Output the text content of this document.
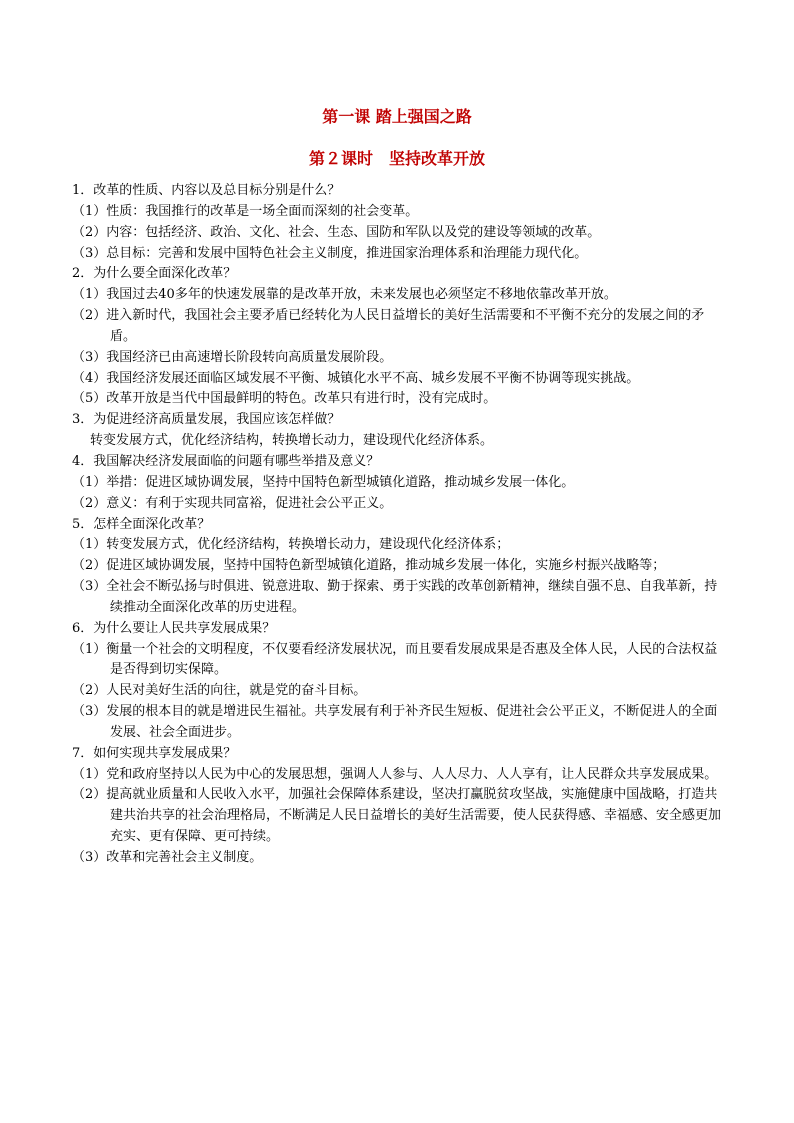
第一课 踏上强国之路
第２课时　坚持改革开放

1．改革的性质、内容以及总目标分别是什么？

（1）性质：我国推行的改革是一场全面而深刻的社会变革。

（2）内容：包括经济、政治、文化、社会、生态、国防和军队以及党的建设等领域的改革。

（3）总目标：完善和发展中国特色社会主义制度，推进国家治理体系和治理能力现代化。

2．为什么要全面深化改革？

（1）我国过去40多年的快速发展靠的是改革开放，未来发展也必须坚定不移地依靠改革开放。

（2）进入新时代，我国社会主要矛盾已经转化为人民日益增长的美好生活需要和不平衡不充分的发展之间的矛盾。

（3）我国经济已由高速增长阶段转向高质量发展阶段。

（4）我国经济发展还面临区域发展不平衡、城镇化水平不高、城乡发展不平衡不协调等现实挑战。

（5）改革开放是当代中国最鲜明的特色。改革只有进行时，没有完成时。

3．为促进经济高质量发展，我国应该怎样做？

转变发展方式，优化经济结构，转换增长动力，建设现代化经济体系。

4．我国解决经济发展面临的问题有哪些举措及意义？

（1）举措：促进区域协调发展，坚持中国特色新型城镇化道路，推动城乡发展一体化。

（2）意义：有利于实现共同富裕，促进社会公平正义。

5．怎样全面深化改革？

（1）转变发展方式，优化经济结构，转换增长动力，建设现代化经济体系；

（2）促进区域协调发展，坚持中国特色新型城镇化道路，推动城乡发展一体化，实施乡村振兴战略等；

（3）全社会不断弘扬与时俱进、锐意进取、勤于探索、勇于实践的改革创新精神，继续自强不息、自我革新，持续推动全面深化改革的历史进程。

6．为什么要让人民共享发展成果？

（1）衡量一个社会的文明程度，不仅要看经济发展状况，而且要看发展成果是否惠及全体人民，人民的合法权益是否得到切实保障。

（2）人民对美好生活的向往，就是党的奋斗目标。

（3）发展的根本目的就是增进民生福祉。共享发展有利于补齐民生短板、促进社会公平正义，不断促进人的全面发展、社会全面进步。

7．如何实现共享发展成果？

（1）党和政府坚持以人民为中心的发展思想，强调人人参与、人人尽力、人人享有，让人民群众共享发展成果。

（2）提高就业质量和人民收入水平，加强社会保障体系建设，坚决打赢脱贫攻坚战，实施健康中国战略，打造共建共治共享的社会治理格局，不断满足人民日益增长的美好生活需要，使人民获得感、幸福感、安全感更加充实、更有保障、更可持续。

（3）改革和完善社会主义制度。
